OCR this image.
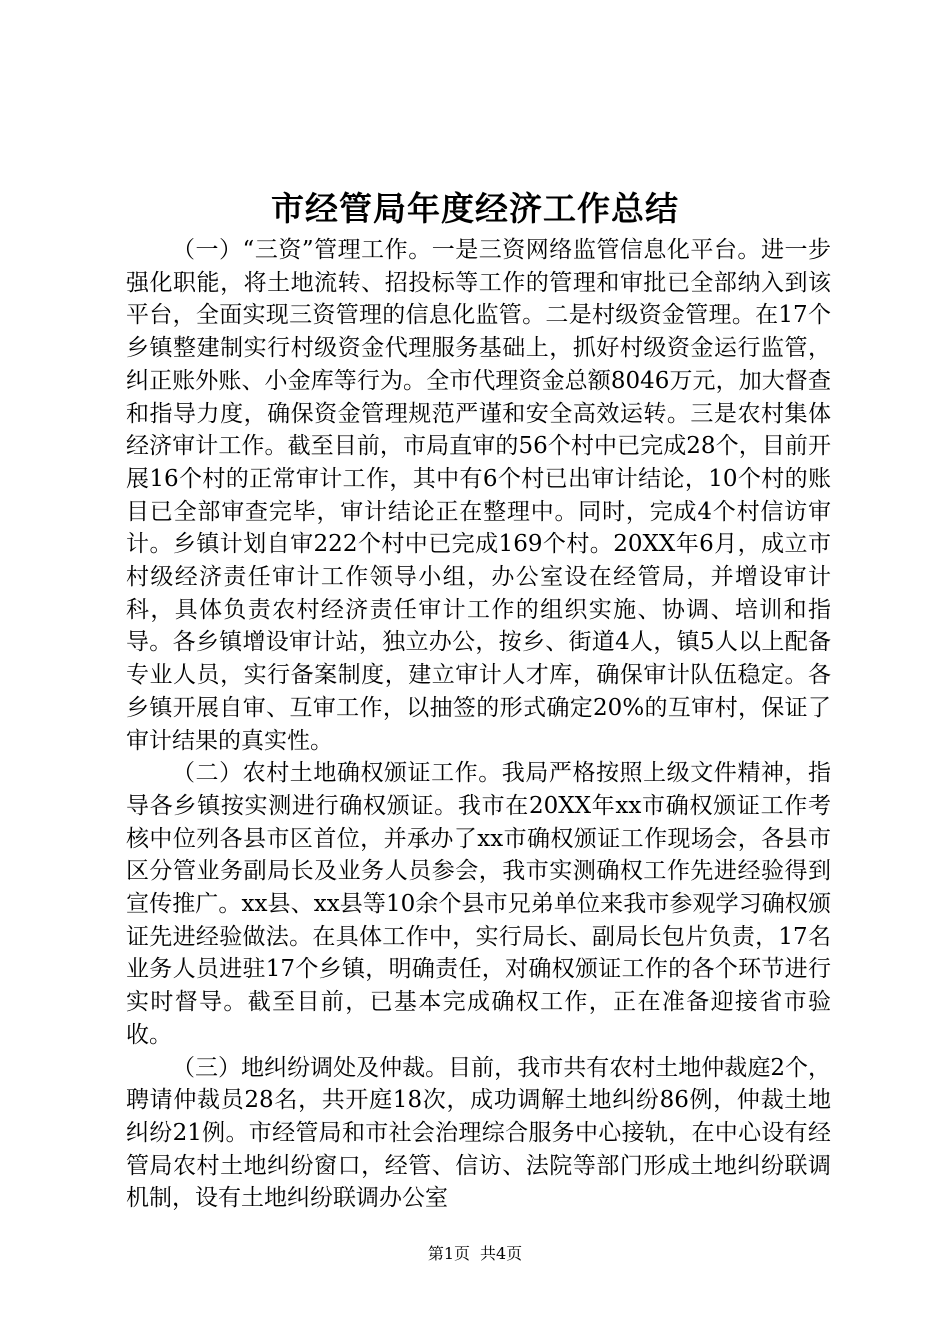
市经管局年度经济工作总结

（一）“三资”管理工作。一是三资网络监管信息化平台。进一步强化职能，将土地流转、招投标等工作的管理和审批已全部纳入到该平台，全面实现三资管理的信息化监管。二是村级资金管理。在17个乡镇整建制实行村级资金代理服务基础上，抓好村级资金运行监管，纠正账外账、小金库等行为。全市代理资金总额8046万元，加大督查和指导力度，确保资金管理规范严谨和安全高效运转。三是农村集体经济审计工作。截至目前，市局直审的56个村中已完成28个，目前开展16个村的正常审计工作，其中有6个村已出审计结论，10个村的账目已全部审查完毕，审计结论正在整理中。同时，完成4个村信访审计。乡镇计划自审222个村中已完成169个村。20XX年6月，成立市村级经济责任审计工作领导小组，办公室设在经管局，并增设审计科，具体负责农村经济责任审计工作的组织实施、协调、培训和指导。各乡镇增设审计站，独立办公，按乡、街道4人，镇5人以上配备专业人员，实行备案制度，建立审计人才库，确保审计队伍稳定。各乡镇开展自审、互审工作，以抽签的形式确定20%的互审村，保证了审计结果的真实性。

（二）农村土地确权颁证工作。我局严格按照上级文件精神，指导各乡镇按实测进行确权颁证。我市在20XX年xx市确权颁证工作考核中位列各县市区首位，并承办了xx市确权颁证工作现场会，各县市区分管业务副局长及业务人员参会，我市实测确权工作先进经验得到宣传推广。xx县、xx县等10余个县市兄弟单位来我市参观学习确权颁证先进经验做法。在具体工作中，实行局长、副局长包片负责，17名业务人员进驻17个乡镇，明确责任，对确权颁证工作的各个环节进行实时督导。截至目前，已基本完成确权工作，正在准备迎接省市验收。

（三）地纠纷调处及仲裁。目前，我市共有农村土地仲裁庭2个，聘请仲裁员28名，共开庭18次，成功调解土地纠纷86例，仲裁土地纠纷21例。市经管局和市社会治理综合服务中心接轨，在中心设有经管局农村土地纠纷窗口，经管、信访、法院等部门形成土地纠纷联调机制，设有土地纠纷联调办公室

第1页 共4页
